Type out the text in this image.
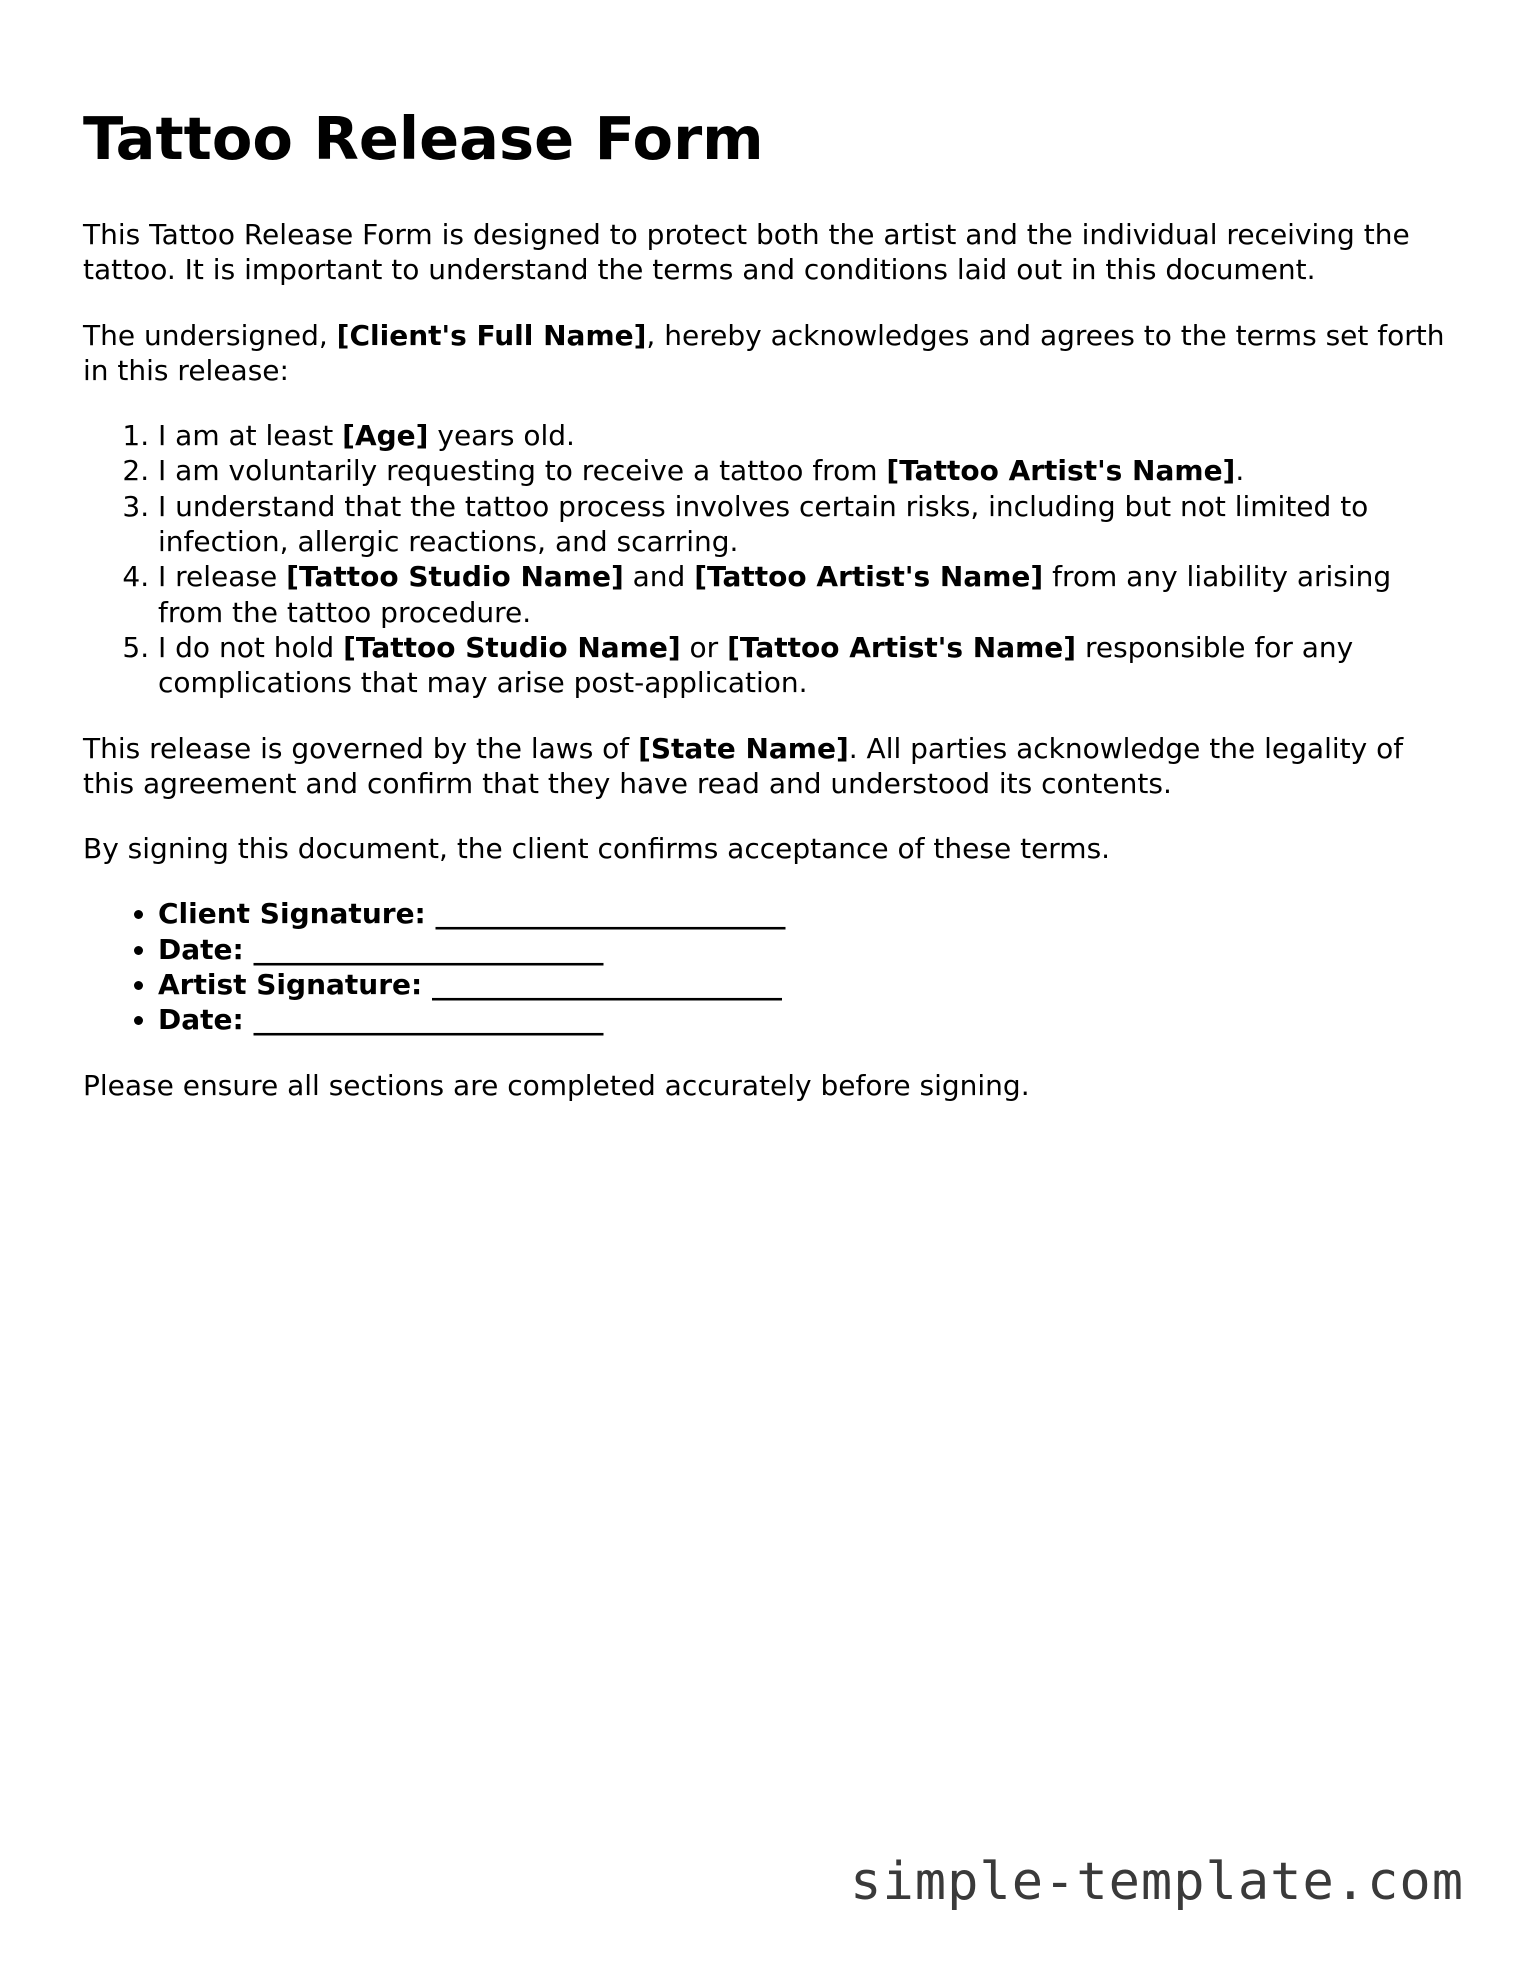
Tattoo Release Form

This Tattoo Release Form is designed to protect both the artist and the individual receiving the tattoo. It is important to understand the terms and conditions laid out in this document.

The undersigned, [Client's Full Name], hereby acknowledges and agrees to the terms set forth in this release:

1. I am at least [Age] years old.
2. I am voluntarily requesting to receive a tattoo from [Tattoo Artist's Name].
3. I understand that the tattoo process involves certain risks, including but not limited to infection, allergic reactions, and scarring.
4. I release [Tattoo Studio Name] and [Tattoo Artist's Name] from any liability arising from the tattoo procedure.
5. I do not hold [Tattoo Studio Name] or [Tattoo Artist's Name] responsible for any complications that may arise post-application.

This release is governed by the laws of [State Name]. All parties acknowledge the legality of this agreement and confirm that they have read and understood its contents.

By signing this document, the client confirms acceptance of these terms.

• Client Signature: _________________________
• Date: _________________________
• Artist Signature: _________________________
• Date: _________________________

Please ensure all sections are completed accurately before signing.

simple-template.com
